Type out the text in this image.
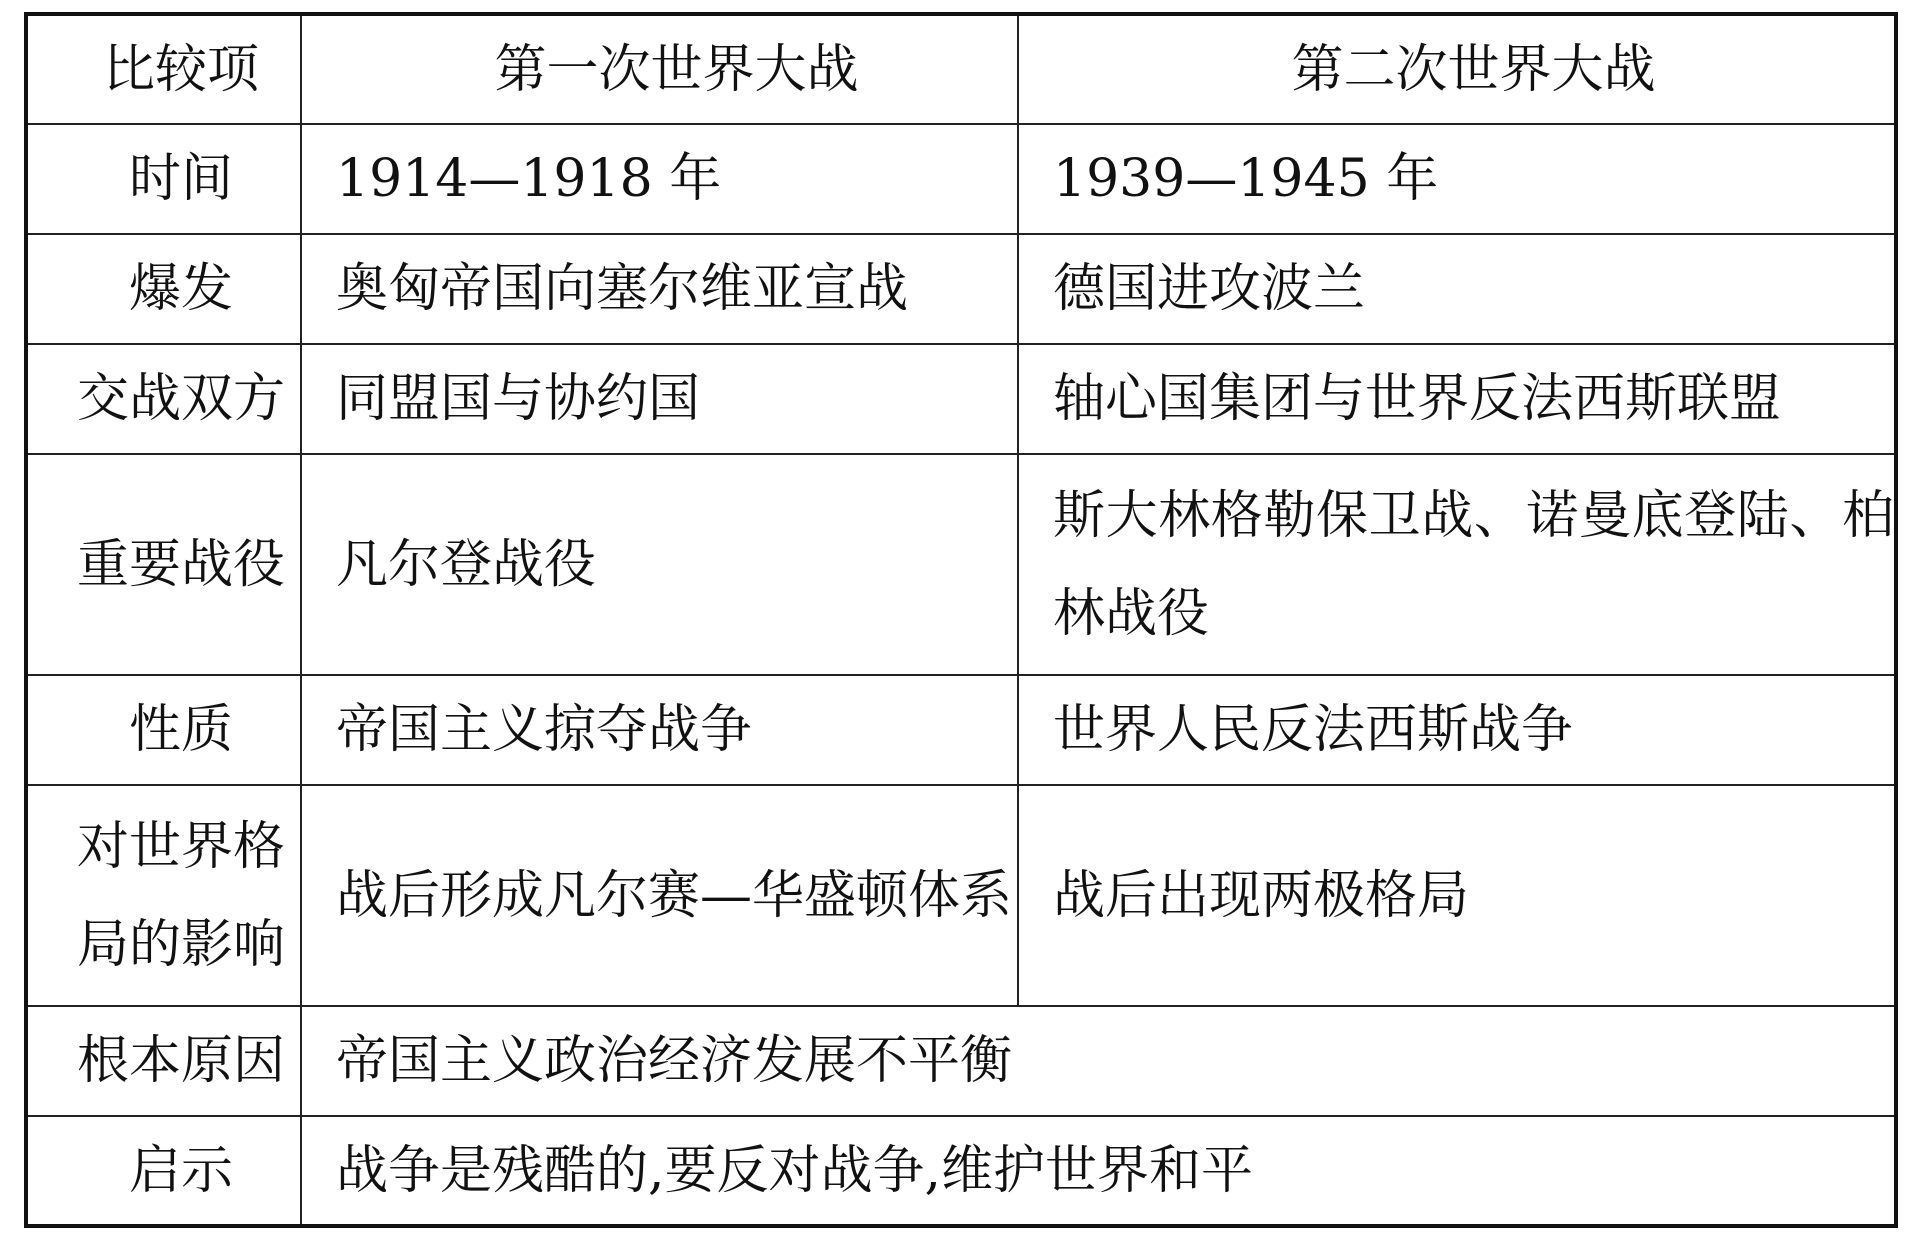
比较项	第一次世界大战	第二次世界大战
时间	1914—1918 年	1939—1945 年
爆发	奥匈帝国向塞尔维亚宣战	德国进攻波兰
交战双方	同盟国与协约国	轴心国集团与世界反法西斯联盟
重要战役	凡尔登战役	斯大林格勒保卫战、诺曼底登陆、柏林战役

性质	帝国主义掠夺战争	世界人民反法西斯战争

对世界格局的影响	战后形成凡尔赛—华盛顿体系	战后出现两极格局
根本原因	帝国主义政治经济发展不平衡	
启示	战争是残酷的,要反对战争,维护世界和平	
